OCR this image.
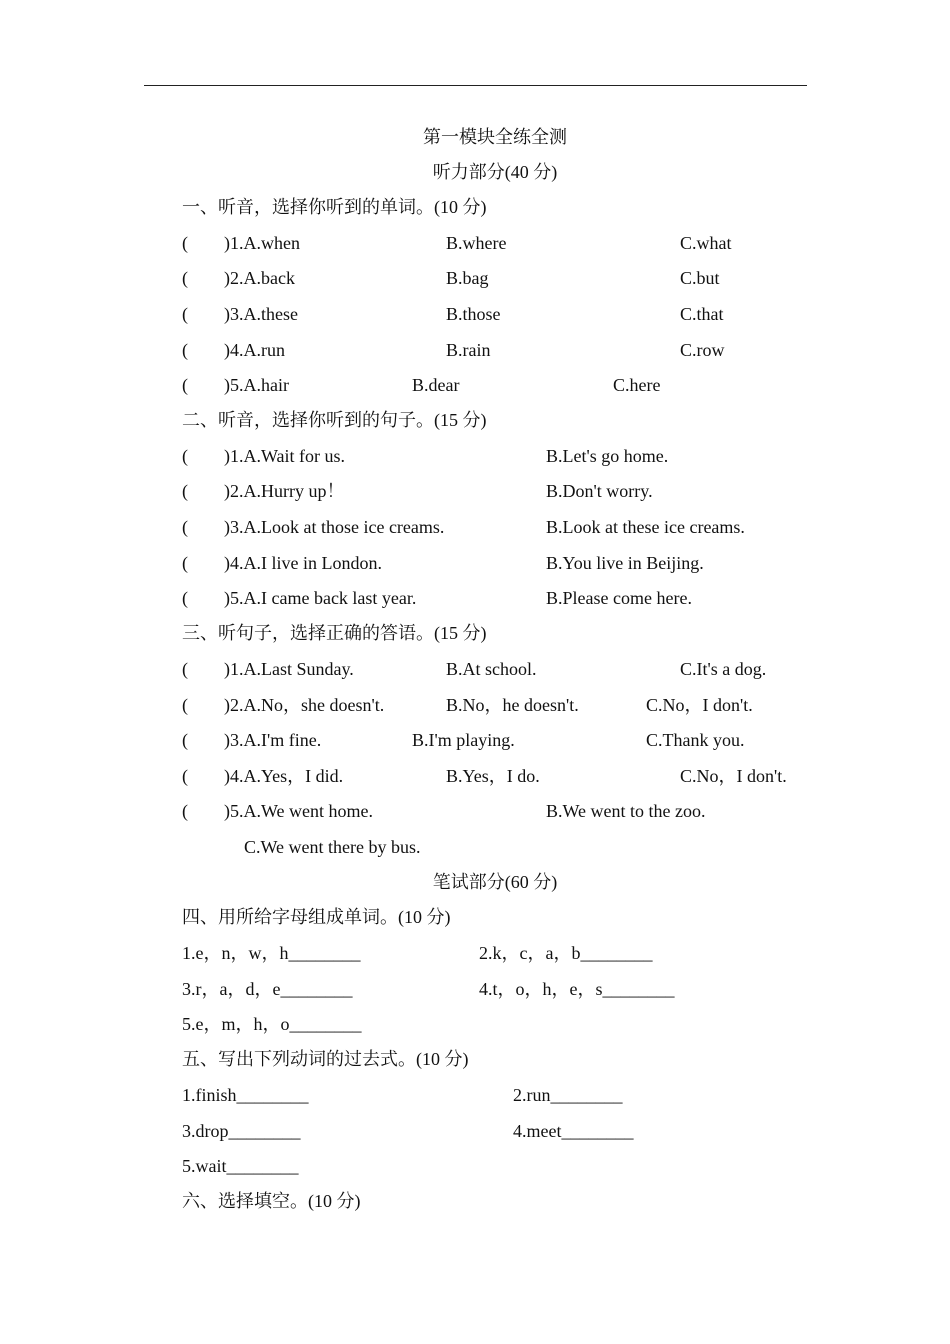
第一模块全练全测
听力部分(40 分)
一、听音，选择你听到的单词。(10 分)
(        )1.A.when	B.where	C.what
(        )2.A.back	B.bag	C.but
(        )3.A.these	B.those	C.that
(        )4.A.run	B.rain	C.row
(        )5.A.hair	B.dear	C.here
二、听音，选择你听到的句子。(15 分)
(        )1.A.Wait for us.	B.Let's go home.
(        )2.A.Hurry up！	B.Don't worry.
(        )3.A.Look at those ice creams.	B.Look at these ice creams.
(        )4.A.I live in London.	B.You live in Beijing.
(        )5.A.I came back last year.	B.Please come here.
三、听句子，选择正确的答语。(15 分)
(        )1.A.Last Sunday.	B.At school.	C.It's a dog.
(        )2.A.No，she doesn't.	B.No，he doesn't.	C.No，I don't.
(        )3.A.I'm fine.	B.I'm playing.	C.Thank you.
(        )4.A.Yes，I did.	B.Yes，I do.	C.No，I don't.
(        )5.A.We went home.	B.We went to the zoo.
C.We went there by bus.
笔试部分(60 分)
四、用所给字母组成单词。(10 分)
1.e，n，w，h________	2.k，c，a，b________
3.r，a，d，e________	4.t，o，h，e，s________
5.e，m，h，o________
五、写出下列动词的过去式。(10 分)
1.finish________	2.run________
3.drop________	4.meet________
5.wait________
六、选择填空。(10 分)
